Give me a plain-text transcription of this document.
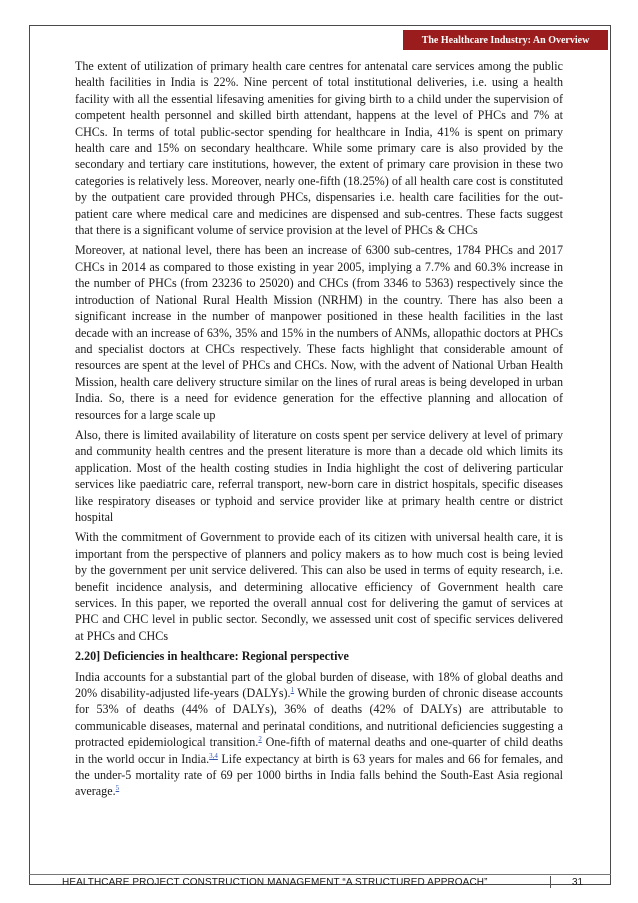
The Healthcare Industry: An Overview

The extent of utilization of primary health care centres for antenatal care services among the public health facilities in India is 22%. Nine percent of total institutional deliveries, i.e. using a health facility with all the essential lifesaving amenities for giving birth to a child under the supervision of competent health personnel and skilled birth attendant, happens at the level of PHCs and 7% at CHCs. In terms of total public-sector spending for healthcare in India, 41% is spent on primary health care and 15% on secondary healthcare. While some primary care is also provided by the secondary and tertiary care institutions, however, the extent of primary care provision in these two categories is relatively less. Moreover, nearly one-fifth (18.25%) of all health care cost is constituted by the outpatient care provided through PHCs, dispensaries i.e. health care facilities for the out-patient care where medical care and medicines are dispensed and sub-centres. These facts suggest that there is a significant volume of service provision at the level of PHCs & CHCs

Moreover, at national level, there has been an increase of 6300 sub-centres, 1784 PHCs and 2017 CHCs in 2014 as compared to those existing in year 2005, implying a 7.7% and 60.3% increase in the number of PHCs (from 23236 to 25020) and CHCs (from 3346 to 5363) respectively since the introduction of National Rural Health Mission (NRHM) in the country. There has also been a significant increase in the number of manpower positioned in these health facilities in the last decade with an increase of 63%, 35% and 15% in the numbers of ANMs, allopathic doctors at PHCs and specialist doctors at CHCs respectively. These facts highlight that considerable amount of resources are spent at the level of PHCs and CHCs. Now, with the advent of National Urban Health Mission, health care delivery structure similar on the lines of rural areas is being developed in urban India. So, there is a need for evidence generation for the effective planning and allocation of resources for a large scale up

Also, there is limited availability of literature on costs spent per service delivery at level of primary and community health centres and the present literature is more than a decade old which limits its application. Most of the health costing studies in India highlight the cost of delivering particular services like paediatric care, referral transport, new-born care in district hospitals, specific diseases like respiratory diseases or typhoid and service provider like at primary health centre or district hospital

With the commitment of Government to provide each of its citizen with universal health care, it is important from the perspective of planners and policy makers as to how much cost is being levied by the government per unit service delivered. This can also be used in terms of equity research, i.e. benefit incidence analysis, and determining allocative efficiency of Government health care services. In this paper, we reported the overall annual cost for delivering the gamut of services at PHC and CHC level in public sector. Secondly, we assessed unit cost of specific services delivered at PHCs and CHCs

2.20] Deficiencies in healthcare: Regional perspective

India accounts for a substantial part of the global burden of disease, with 18% of global deaths and 20% disability-adjusted life-years (DALYs).$^1$ While the growing burden of chronic disease accounts for 53% of deaths (44% of DALYs), 36% of deaths (42% of DALYs) are attributable to communicable diseases, maternal and perinatal conditions, and nutritional deficiencies suggesting a protracted epidemiological transition.$^2$ One-fifth of maternal deaths and one-quarter of child deaths in the world occur in India.$^{3,4}$ Life expectancy at birth is 63 years for males and 66 for females, and the under-5 mortality rate of 69 per 1000 births in India falls behind the South-East Asia regional average.$^5$

HEALTHCARE PROJECT CONSTRUCTION MANAGEMENT “A STRUCTURED APPROACH”	31
